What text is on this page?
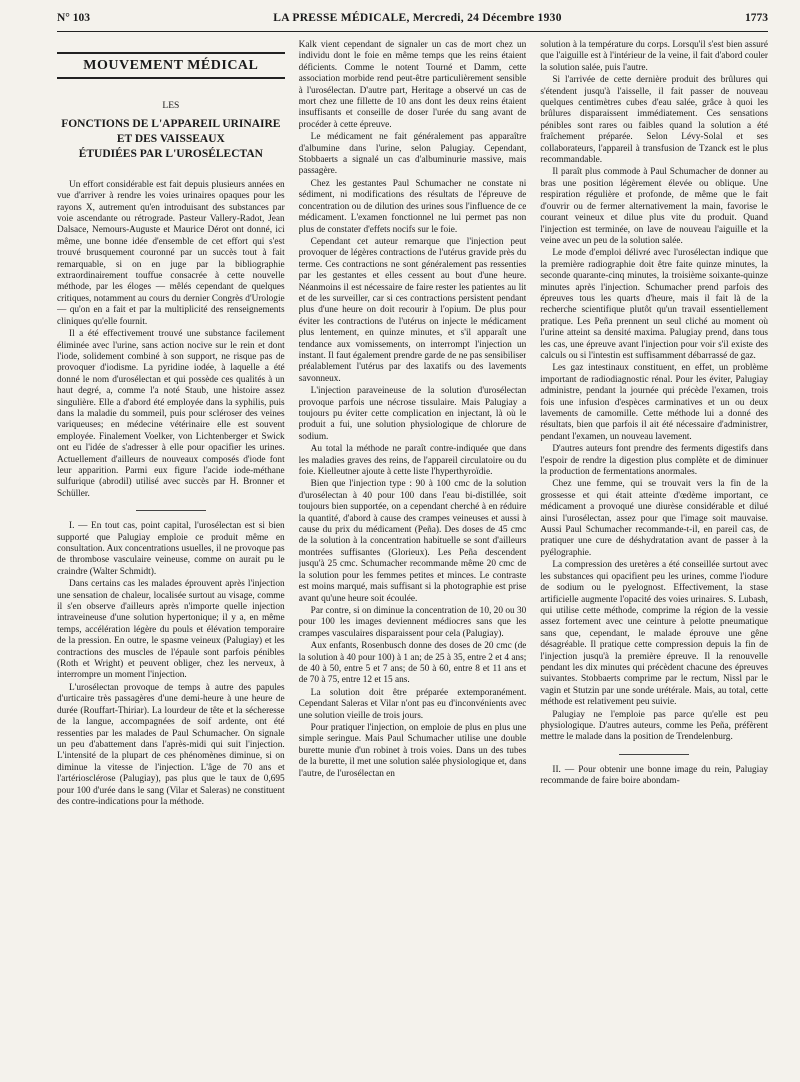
N° 103	LA PRESSE MÉDICALE, Mercredi, 24 Décembre 1930	1773
MOUVEMENT MÉDICAL
LES
FONCTIONS DE L'APPAREIL URINAIRE
ET DES VAISSEAUX
ÉTUDIÉES PAR L'UROSÉLECTAN

Un effort considérable est fait depuis plusieurs années en vue d'arriver à rendre les voies urinaires opaques pour les rayons X, autrement qu'en introduisant des substances par voie ascendante ou rétrograde. Pasteur Vallery-Radot, Jean Dalsace, Nemours-Auguste et Maurice Dérot ont donné, ici même, une bonne idée d'ensemble de cet effort qui s'est trouvé brusquement couronné par un succès tout à fait remarquable, si on en juge par la bibliographie extraordinairement touffue consacrée à cette nouvelle méthode, par les éloges — mêlés cependant de quelques critiques, notamment au cours du dernier Congrès d'Urologie — qu'on en a fait et par la multiplicité des renseignements cliniques qu'elle fournit.

Il a été effectivement trouvé une substance facilement éliminée avec l'urine, sans action nocive sur le rein et dont l'iode, solidement combiné à son support, ne risque pas de provoquer d'iodisme. La pyridine iodée, à laquelle a été donné le nom d'urosélectan et qui possède ces qualités à un haut degré, a, comme l'a noté Staub, une histoire assez singulière. Elle a d'abord été employée dans la syphilis, puis dans la maladie du sommeil, puis pour scléroser des veines variqueuses; en médecine vétérinaire elle est souvent employée. Finalement Voelker, von Lichtenberger et Swick ont eu l'idée de s'adresser à elle pour opacifier les urines. Actuellement d'ailleurs de nouveaux composés d'iode font leur apparition. Parmi eux figure l'acide iode-méthane sulfurique (abrodil) utilisé avec succès par H. Bronner et Schüller.

I. — En tout cas, point capital, l'urosélectan est si bien supporté que Palugiay emploie ce produit même en consultation. Aux concentrations usuelles, il ne provoque pas de thrombose vasculaire veineuse, comme on aurait pu le craindre (Walter Schmidt).

Dans certains cas les malades éprouvent après l'injection une sensation de chaleur, localisée surtout au visage, comme il s'en observe d'ailleurs après n'importe quelle injection intraveineuse d'une solution hypertonique; il y a, en même temps, accélération légère du pouls et élévation temporaire de la pression. En outre, le spasme veineux (Palugiay) et les contractions des muscles de l'épaule sont parfois pénibles (Roth et Wright) et peuvent obliger, chez les nerveux, à interrompre un moment l'injection.

L'urosélectan provoque de temps à autre des papules d'urticaire très passagères d'une demi-heure à une heure de durée (Rouffart-Thiriar). La lourdeur de tête et la sécheresse de la langue, accompagnées de soif ardente, ont été ressenties par les malades de Paul Schumacher. On signale un peu d'abattement dans l'après-midi qui suit l'injection. L'intensité de la plupart de ces phénomènes diminue, si on diminue la vitesse de l'injection. L'âge de 70 ans et l'artériosclérose (Palugiay), pas plus que le taux de 0,695 pour 100 d'urée dans le sang (Vilar et Saleras) ne constituent des contre-indications pour la méthode.

Kalk vient cependant de signaler un cas de mort chez un individu dont le foie en même temps que les reins étaient déficients. Comme le notent Tourné et Damm, cette association morbide rend peut-être particulièrement sensible à l'urosélectan. D'autre part, Heritage a observé un cas de mort chez une fillette de 10 ans dont les deux reins étaient insuffisants et conseille de doser l'urée du sang avant de procéder à cette épreuve.

Le médicament ne fait généralement pas apparaître d'albumine dans l'urine, selon Palugiay. Cependant, Stobbaerts a signalé un cas d'albuminurie massive, mais passagère.

Chez les gestantes Paul Schumacher ne constate ni sédiment, ni modifications des résultats de l'épreuve de concentration ou de dilution des urines sous l'influence de ce médicament. L'examen fonctionnel ne lui permet pas non plus de constater d'effets nocifs sur le foie.

Cependant cet auteur remarque que l'injection peut provoquer de légères contractions de l'utérus gravide près du terme. Ces contractions ne sont généralement pas ressenties par les gestantes et elles cessent au bout d'une heure. Néanmoins il est nécessaire de faire rester les patientes au lit et de les surveiller, car si ces contractions persistent pendant plus d'une heure on doit recourir à l'opium. De plus pour éviter les contractions de l'utérus on injecte le médicament plus lentement, en quinze minutes, et s'il apparaît une tendance aux vomissements, on interrompt l'injection un instant. Il faut également prendre garde de ne pas sensibiliser préalablement l'utérus par des laxatifs ou des lavements savonneux.

L'injection paraveineuse de la solution d'urosélectan provoque parfois une nécrose tissulaire. Mais Palugiay a toujours pu éviter cette complication en injectant, là où le produit a fui, une solution physiologique de chlorure de sodium.

Au total la méthode ne paraît contre-indiquée que dans les maladies graves des reins, de l'appareil circulatoire ou du foie. Kielleutner ajoute à cette liste l'hyperthyroïdie.

Bien que l'injection type : 90 à 100 cmc de la solution d'urosélectan à 40 pour 100 dans l'eau bi-distillée, soit toujours bien supportée, on a cependant cherché à en réduire la quantité, d'abord à cause des crampes veineuses et aussi à cause du prix du médicament (Peña). Des doses de 45 cmc de la solution à la concentration habituelle se sont d'ailleurs montrées suffisantes (Glorieux). Les Peña descendent jusqu'à 25 cmc. Schumacher recommande même 20 cmc de la solution pour les femmes petites et minces. Le contraste est moins marqué, mais suffisant si la photographie est prise avant qu'une heure soit écoulée.

Par contre, si on diminue la concentration de 10, 20 ou 30 pour 100 les images deviennent médiocres sans que les crampes vasculaires disparaissent pour cela (Palugiay).

Aux enfants, Rosenbusch donne des doses de 20 cmc (de la solution à 40 pour 100) à 1 an; de 25 à 35, entre 2 et 4 ans; de 40 à 50, entre 5 et 7 ans; de 50 à 60, entre 8 et 11 ans et de 70 à 75, entre 12 et 15 ans.

La solution doit être préparée extemporanément. Cependant Saleras et Vilar n'ont pas eu d'inconvénients avec une solution vieille de trois jours.

Pour pratiquer l'injection, on emploie de plus en plus une simple seringue. Mais Paul Schumacher utilise une double burette munie d'un robinet à trois voies. Dans un des tubes de la burette, il met une solution salée physiologique et, dans l'autre, de l'urosélectan en

solution à la température du corps. Lorsqu'il s'est bien assuré que l'aiguille est à l'intérieur de la veine, il fait d'abord couler la solution salée, puis l'autre.

Si l'arrivée de cette dernière produit des brûlures qui s'étendent jusqu'à l'aisselle, il fait passer de nouveau quelques centimètres cubes d'eau salée, grâce à quoi les brûlures disparaissent immédiatement. Ces sensations pénibles sont rares ou faibles quand la solution a été fraîchement préparée. Selon Lévy-Solal et ses collaborateurs, l'appareil à transfusion de Tzanck est le plus recommandable.

Il paraît plus commode à Paul Schumacher de donner au bras une position légèrement élevée ou oblique. Une respiration régulière et profonde, de même que le fait d'ouvrir ou de fermer alternativement la main, favorise le courant veineux et dilue plus vite du produit. Quand l'injection est terminée, on lave de nouveau l'aiguille et la veine avec un peu de la solution salée.

Le mode d'emploi délivré avec l'urosélectan indique que la première radiographie doit être faite quinze minutes, la seconde quarante-cinq minutes, la troisième soixante-quinze minutes après l'injection. Schumacher prend parfois des épreuves tous les quarts d'heure, mais il fait là de la recherche scientifique plutôt qu'un travail essentiellement pratique. Les Peña prennent un seul cliché au moment où l'urine atteint sa densité maxima. Palugiay prend, dans tous les cas, une épreuve avant l'injection pour voir s'il existe des calculs ou si l'intestin est suffisamment débarrassé de gaz.

Les gaz intestinaux constituent, en effet, un problème important de radiodiagnostic rénal. Pour les éviter, Palugiay administre, pendant la journée qui précède l'examen, trois fois une infusion d'espèces carminatives et un ou deux lavements de camomille. Cette méthode lui a donné des résultats, bien que parfois il ait été nécessaire d'administrer, pendant l'examen, un nouveau lavement.

D'autres auteurs font prendre des ferments digestifs dans l'espoir de rendre la digestion plus complète et de diminuer la production de fermentations anormales.

Chez une femme, qui se trouvait vers la fin de la grossesse et qui était atteinte d'œdème important, ce médicament a provoqué une diurèse considérable et dilué ainsi l'urosélectan, assez pour que l'image soit mauvaise. Aussi Paul Schumacher recommande-t-il, en pareil cas, de pratiquer une cure de déshydratation avant de passer à la pyélographie.

La compression des uretères a été conseillée surtout avec les substances qui opacifient peu les urines, comme l'iodure de sodium ou le pyelognost. Effectivement, la stase artificielle augmente l'opacité des voies urinaires. S. Lubash, qui utilise cette méthode, comprime la région de la vessie assez fortement avec une ceinture à pelotte pneumatique sans que, cependant, le malade éprouve une gêne désagréable. Il pratique cette compression depuis la fin de l'injection jusqu'à la première épreuve. Il la renouvelle pendant les dix minutes qui précèdent chacune des épreuves suivantes. Stobbaerts comprime par le rectum, Nissl par le vagin et Stutzin par une sonde urétérale. Mais, au total, cette méthode est relativement peu suivie.

Palugiay ne l'emploie pas parce qu'elle est peu physiologique. D'autres auteurs, comme les Peña, préfèrent mettre le malade dans la position de Trendelenburg.

II. — Pour obtenir une bonne image du rein, Palugiay recommande de faire boire abondam-
